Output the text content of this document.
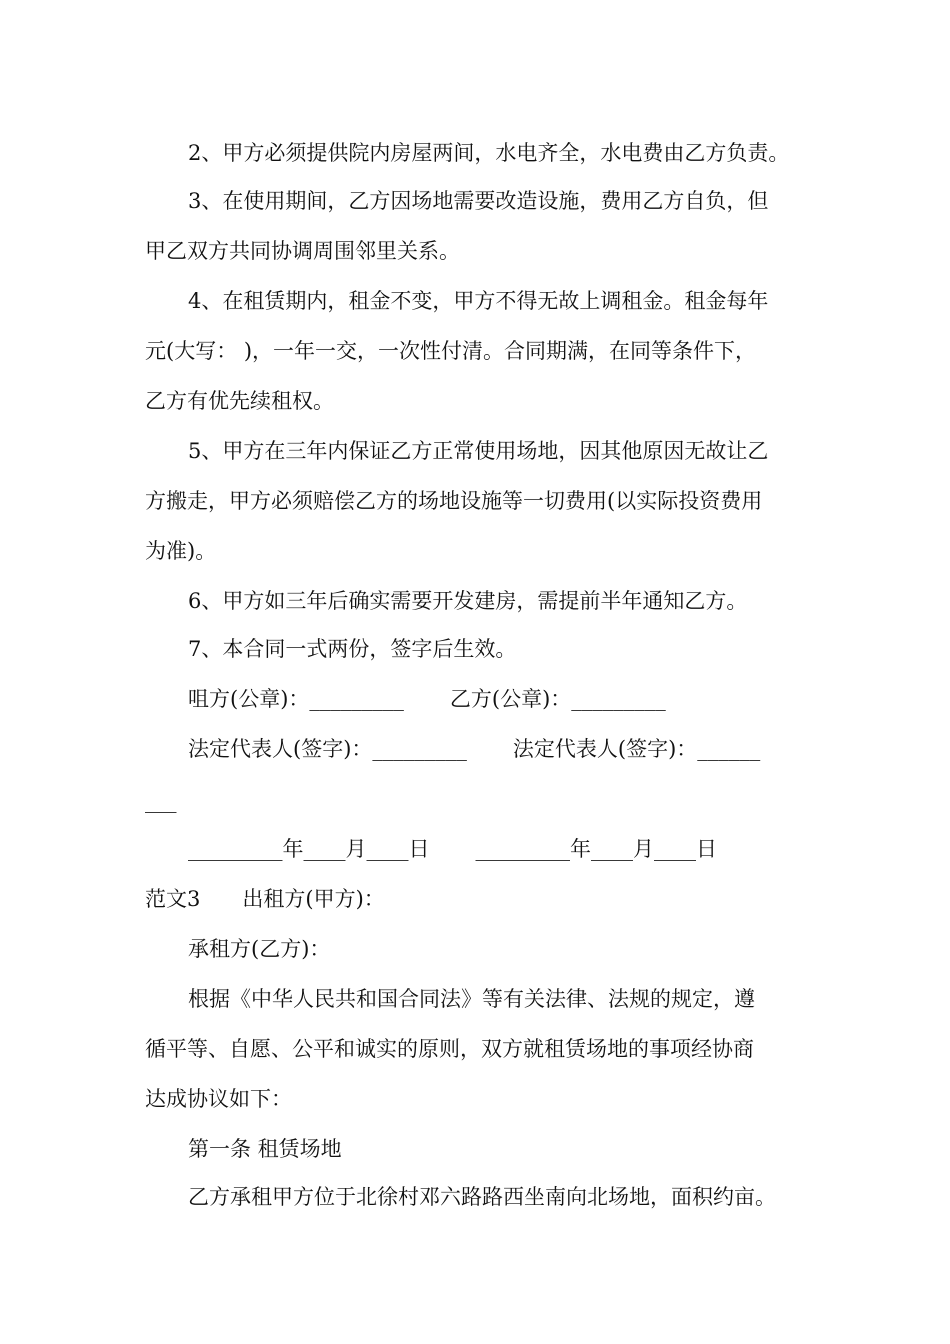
2、甲方必须提供院内房屋两间，水电齐全，水电费由乙方负责。

3、在使用期间，乙方因场地需要改造设施，费用乙方自负，但

甲乙双方共同协调周围邻里关系。

4、在租赁期内，租金不变，甲方不得无故上调租金。租金每年

元(大写： )，一年一交，一次性付清。合同期满，在同等条件下，

乙方有优先续租权。

5、甲方在三年内保证乙方正常使用场地，因其他原因无故让乙

方搬走，甲方必须赔偿乙方的场地设施等一切费用(以实际投资费用

为准)。

6、甲方如三年后确实需要开发建房，需提前半年通知乙方。

7、本合同一式两份，签字后生效。

咀方(公章)：_________ 乙方(公章)：_________
法定代表人(签字)：_________ 法定代表人(签字)：______

___

_________年____月____日 _________年____月____日
范文3 出租方(甲方)：

承租方(乙方)：

根据《中华人民共和国合同法》等有关法律、法规的规定，遵

循平等、自愿、公平和诚实的原则，双方就租赁场地的事项经协商

达成协议如下：

第一条 租赁场地

乙方承租甲方位于北徐村邓六路路西坐南向北场地，面积约亩。
